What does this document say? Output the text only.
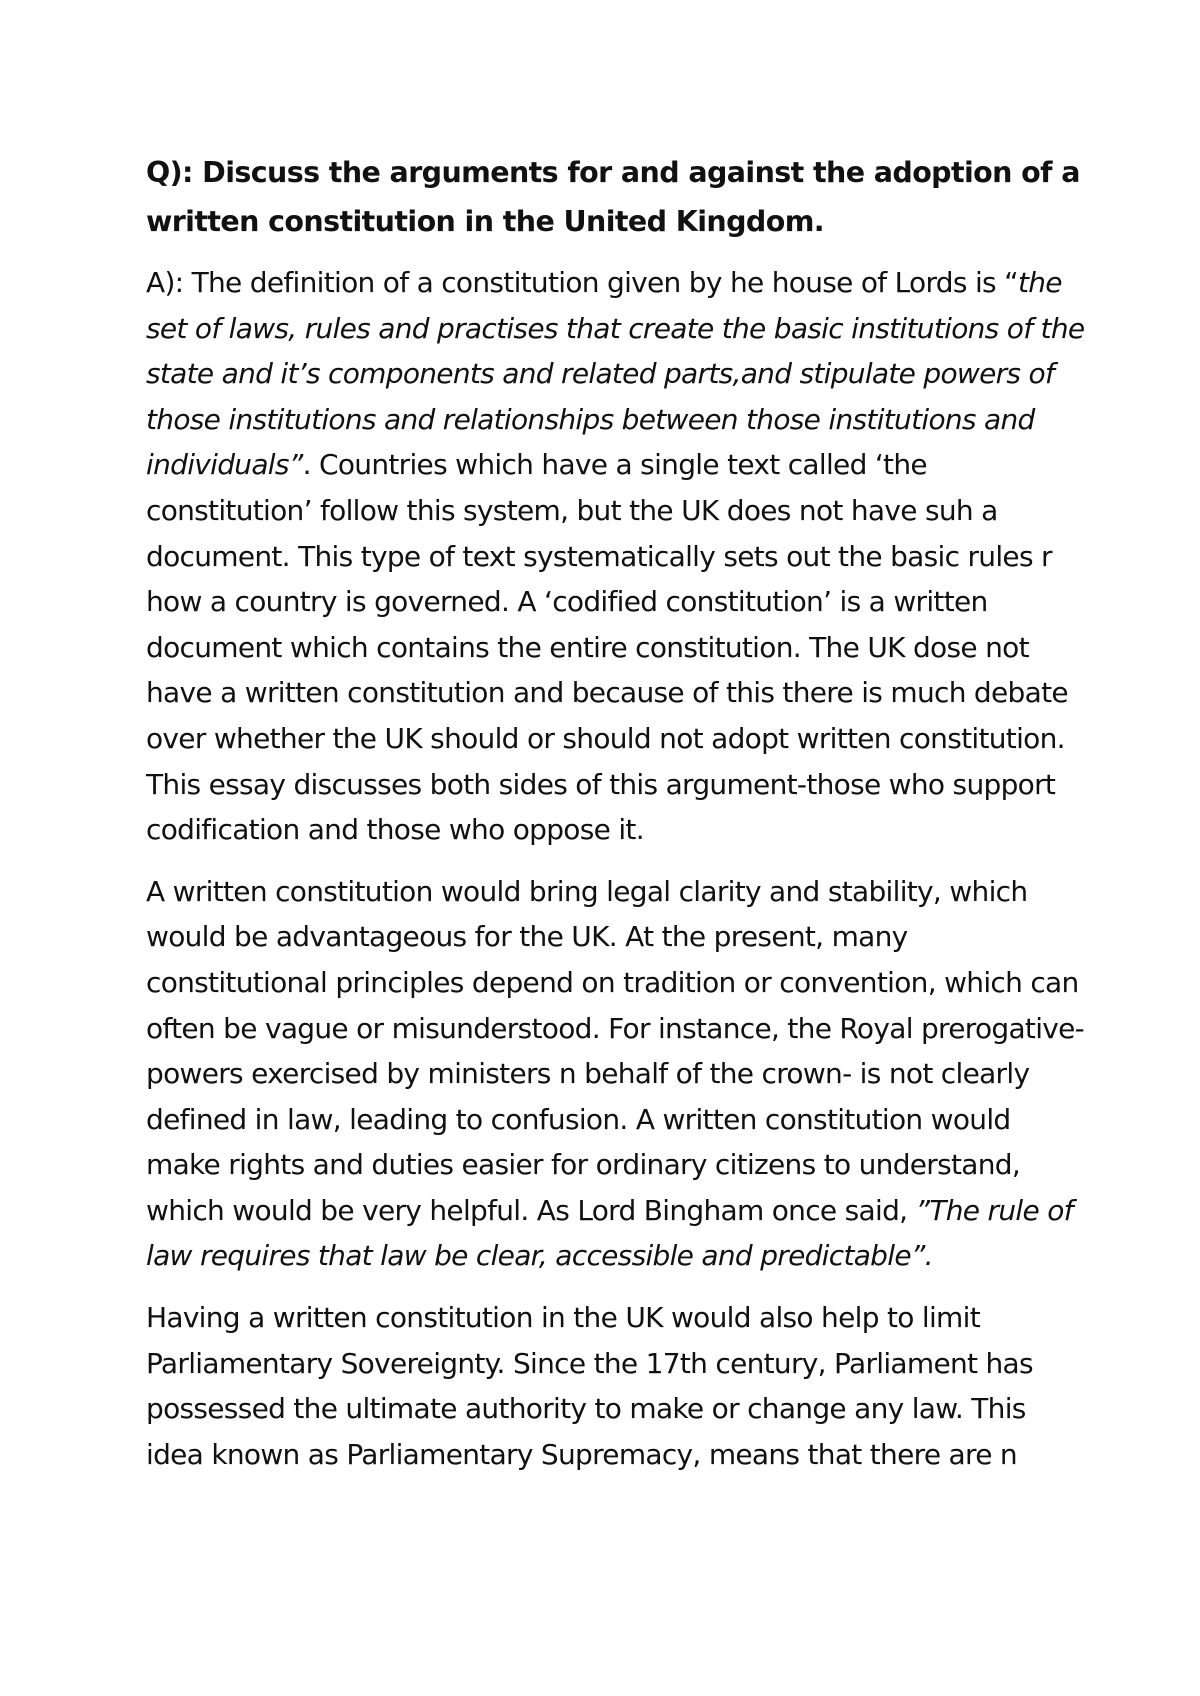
Q): Discuss the arguments for and against the adoption of a written constitution in the United Kingdom.

A): The definition of a constitution given by he house of Lords is “the set of laws, rules and practises that create the basic institutions of the state and it’s components and related parts,and stipulate powers of those institutions and relationships between those institutions and individuals”. Countries which have a single text called ‘the constitution’ follow this system, but the UK does not have suh a document. This type of text systematically sets out the basic rules r how a country is governed. A ‘codified constitution’ is a written document which contains the entire constitution. The UK dose not have a written constitution and because of this there is much debate over whether the UK should or should not adopt written constitution. This essay discusses both sides of this argument-those who support codification and those who oppose it.

A written constitution would bring legal clarity and stability, which would be advantageous for the UK. At the present, many constitutional principles depend on tradition or convention, which can often be vague or misunderstood. For instance, the Royal prerogative- powers exercised by ministers n behalf of the crown- is not clearly defined in law, leading to confusion. A written constitution would make rights and duties easier for ordinary citizens to understand, which would be very helpful. As Lord Bingham once said, ”The rule of law requires that law be clear, accessible and predictable”.

Having a written constitution in the UK would also help to limit Parliamentary Sovereignty. Since the 17th century, Parliament has possessed the ultimate authority to make or change any law. This idea known as Parliamentary Supremacy, means that there are n
